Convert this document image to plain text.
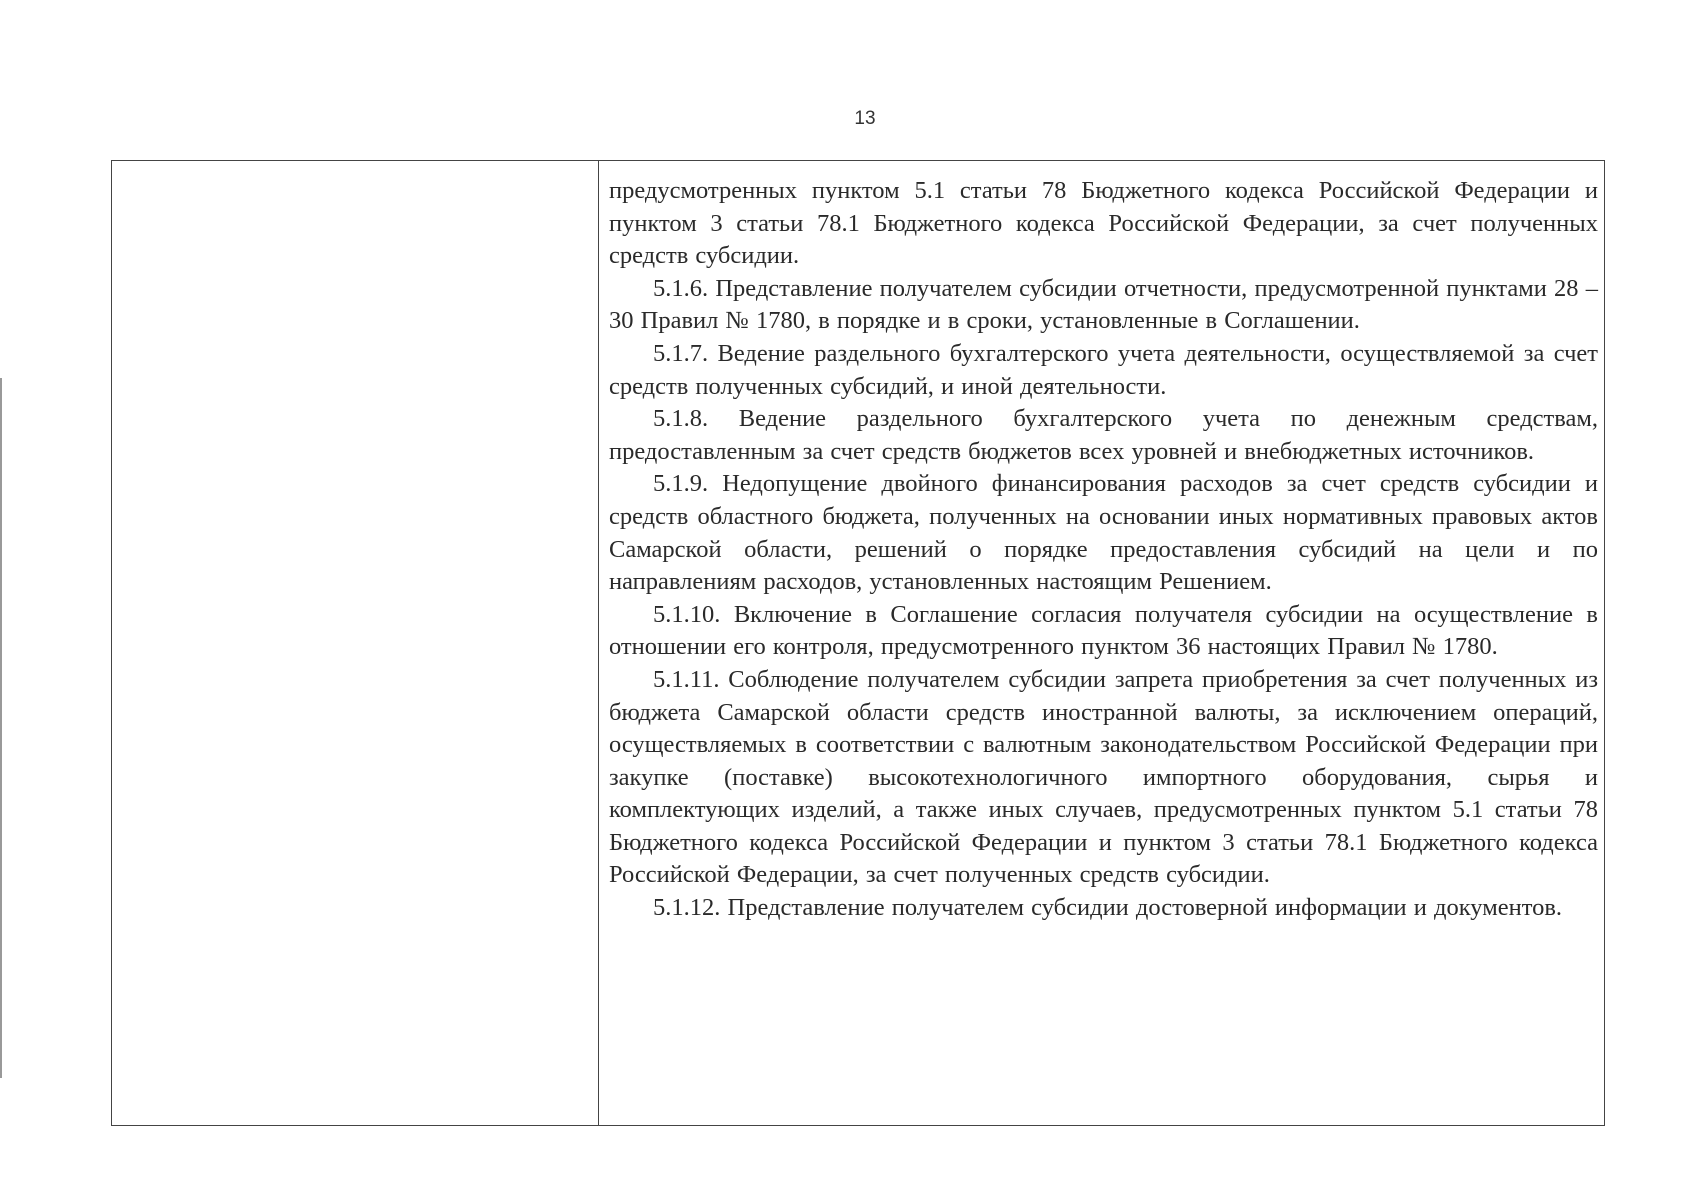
13

предусмотренных пунктом 5.1 статьи 78 Бюджетного кодекса Российской Федерации и пунктом 3 статьи 78.1 Бюджетного кодекса Российской Федерации, за счет полученных средств субсидии.

5.1.6. Представление получателем субсидии отчетности, предусмотренной пунктами 28 – 30 Правил № 1780, в порядке и в сроки, установленные в Соглашении.

5.1.7. Ведение раздельного бухгалтерского учета деятельности, осуществляемой за счет средств полученных субсидий, и иной деятельности.

5.1.8. Ведение раздельного бухгалтерского учета по денежным средствам, предоставленным за счет средств бюджетов всех уровней и внебюджетных источников.

5.1.9. Недопущение двойного финансирования расходов за счет средств субсидии и средств областного бюджета, полученных на основании иных нормативных правовых актов Самарской области, решений о порядке предоставления субсидий на цели и по направлениям расходов, установленных настоящим Решением.

5.1.10. Включение в Соглашение согласия получателя субсидии на осуществление в отношении его контроля, предусмотренного пунктом 36 настоящих Правил № 1780.

5.1.11. Соблюдение получателем субсидии запрета приобретения за счет полученных из бюджета Самарской области средств иностранной валюты, за исключением операций, осуществляемых в соответствии с валютным законодательством Российской Федерации при закупке (поставке) высокотехнологичного импортного оборудования, сырья и комплектующих изделий, а также иных случаев, предусмотренных пунктом 5.1 статьи 78 Бюджетного кодекса Российской Федерации и пунктом 3 статьи 78.1 Бюджетного кодекса Российской Федерации, за счет полученных средств субсидии.

5.1.12. Представление получателем субсидии достоверной информации и документов.
